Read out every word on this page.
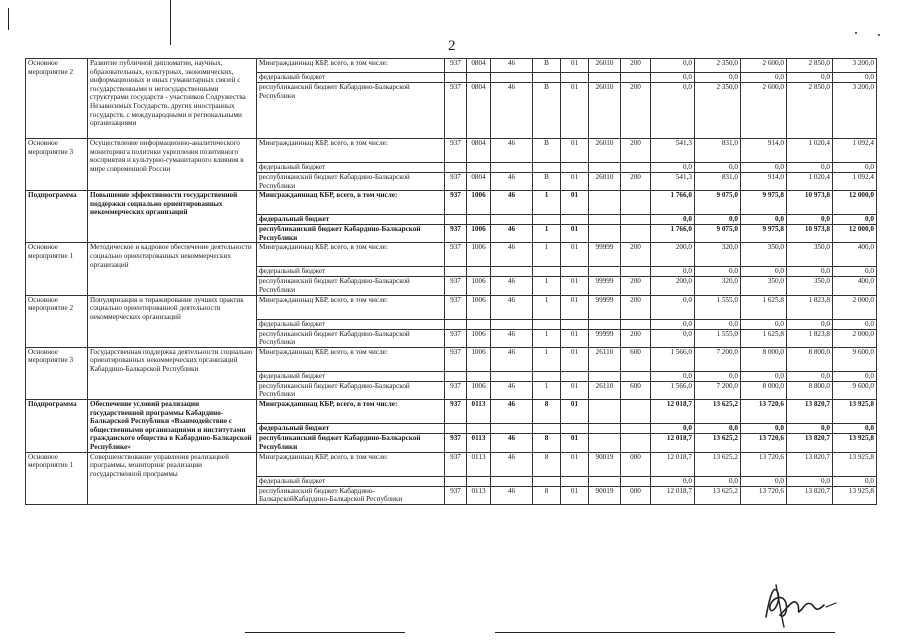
2
Основное мероприятие 2	Развитие публичной дипломатии, научных, образовательных, культурных, экономических, информационных и иных гуманитарных связей с государственными и негосударственными структурами государств - участников Содружества Независимых Государств, других иностранных государств, с международными и региональными организациями	Минграждаиннац КБР, всего, в том числе:	937	0804	46	В	01	26010	200	0,0	2 350,0	2 600,0	2 850,0	3 200,0
		федеральный бюджет								0,0	0,0	0,0	0,0	0,0
		республиканский бюджет Кабардино-Балкарской Республики	937	0804	46	В	01	26010	200	0,0	2 350,0	2 600,0	2 850,0	3 200,0
Основное мероприятие 3	Осуществление информационно-аналитического мониторинга политики укрепления позитивного восприятия и культурно-гуманитарного влияния в мире современной России	Минграждаиннац КБР, всего, в том числе:	937	0804	46	В	01	26010	200	541,3	831,0	914,0	1 020,4	1 092,4
		федеральный бюджет								0,0	0,0	0,0	0,0	0,0
		республиканский бюджет Кабардино-Балкарской Республики	937	0804	46	В	01	26010	200	541,3	831,0	914,0	1 020,4	1 092,4
Подпрограмма	Повышение эффективности государственной поддержки социально ориентированных некоммерческих организаций	Минграждаиннац КБР, всего, в том числе:	937	1006	46	1	01			1 766,0	9 075,0	9 975,8	10 973,8	12 000,0
		федеральный бюджет								0,0	0,0	0,0	0,0	0,0
		республиканский бюджет Кабардино-Балкарской Республики	937	1006	46	1	01			1 766,0	9 075,0	9 975,8	10 973,8	12 000,0
Основное мероприятие 1	Методическое и кадровое обеспечение деятельности социально ориентированных некоммерческих организаций	Минграждаиннац КБР, всего, в том числе:	937	1006	46	1	01	99999	200	200,0	320,0	350,0	350,0	400,0
		федеральный бюджет								0,0	0,0	0,0	0,0	0,0
		республиканский бюджет Кабардино-Балкарской Республики	937	1006	46	1	01	99999	200	200,0	320,0	350,0	350,0	400,0
Основное мероприятие 2	Популяризация и тиражирование лучших практик социально ориентированной деятельности некоммерческих организаций	Минграждаиннац КБР, всего, в том числе:	937	1006	46	1	01	99999	200	0,0	1 555,0	1 625,8	1 823,8	2 000,0
		федеральный бюджет								0,0	0,0	0,0	0,0	0,0
		республиканский бюджет Кабардино-Балкарской Республики	937	1006	46	1	01	99999	200	0,0	1 555,0	1 625,8	1 823,8	2 000,0
Основное мероприятие 3	Государственная поддержка деятельности социально ориентированных некоммерческих организаций Кабардино-Балкарской Республики	Минграждаиннац КБР, всего, в том числе:	937	1006	46	1	01	26110	600	1 566,0	7 200,0	8 000,0	8 800,0	9 600,0
		федеральный бюджет								0,0	0,0	0,0	0,0	0,0
		республиканский бюджет Кабардино-Балкарской Республики	937	1006	46	1	01	26110	600	1 566,0	7 200,0	8 000,0	8 800,0	9 600,0
Подпрограмма	Обеспечение условий реализации государственной программы Кабардино-Балкарской Республики «Взаимодействие с общественными организациями и институтами гражданского общества в Кабардино-Балкарской Республике»	Минграждаиннац КБР, всего, в том числе:	937	0113	46	8	01			12 018,7	13 625,2	13 720,6	13 820,7	13 925,8
		федеральный бюджет								0,0	0,0	0,0	0,0	0,0
		республиканский бюджет Кабардино-Балкарской Республики	937	0113	46	8	01			12 018,7	13 625,2	13 720,6	13 820,7	13 925,8
Основное мероприятие 1	Совершенствование управления реализацией программы, мониторинг реализации государственной программы	Минграждаиннац КБР, всего, в том числе:	937	0113	46	8	01	90019	000	12 018,7	13 625,2	13 720,6	13 820,7	13 925,8
		федеральный бюджет								0,0	0,0	0,0	0,0	0,0
		республиканский бюджет Кабардино-БалкарскойКабардино-Балкарской Республики	937	0113	46	8	01	90019	000	12 018,7	13 625,2	13 720,6	13 820,7	13 925,8
